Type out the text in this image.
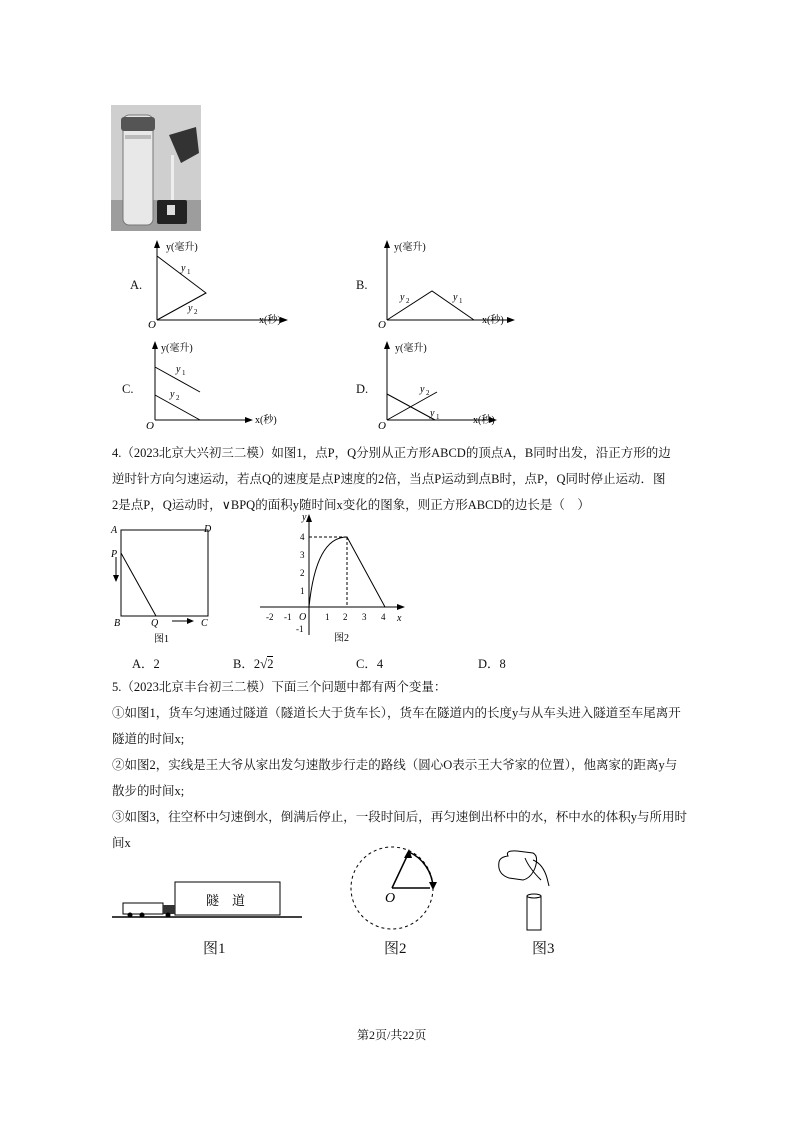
A.
y(毫升)
x(秒)
O
y 1
y 2
B.
y(毫升)
x(秒)
O
y 2	y 1
C.
y(毫升)
x(秒)
O
y 1
y 2
D.
y(毫升)
x(秒)
O
y 2
y 1
4.（2023北京大兴初三二模）如图1，点P，Q分别从正方形ABCD的顶点A，B同时出发，沿正方形的边
逆时针方向匀速运动，若点Q的速度是点P速度的2倍，当点P运动到点B时，点P，Q同时停止运动．图
2是点P，Q运动时，∨BPQ的面积y随时间x变化的图象，则正方形ABCD的边长是（　）
A	D
P
B	Q	C
图1
y
x
O
-2 -1	1 2 3 4
1
2
3
4
-1
图2
A．2	B．2√2	C．4	D．8
5.（2023北京丰台初三二模）下面三个问题中都有两个变量：
①如图1，货车匀速通过隧道（隧道长大于货车长），货车在隧道内的长度y与从车头进入隧道至车尾离开
隧道的时间x;
②如图2，实线是王大爷从家出发匀速散步行走的路线（圆心O表示王大爷家的位置），他离家的距离y与
散步的时间x;
③如图3，往空杯中匀速倒水，倒满后停止，一段时间后，再匀速倒出杯中的水，杯中水的体积y与所用时
间x
隧　道
图1
O
图2	图3
第2页/共22页
